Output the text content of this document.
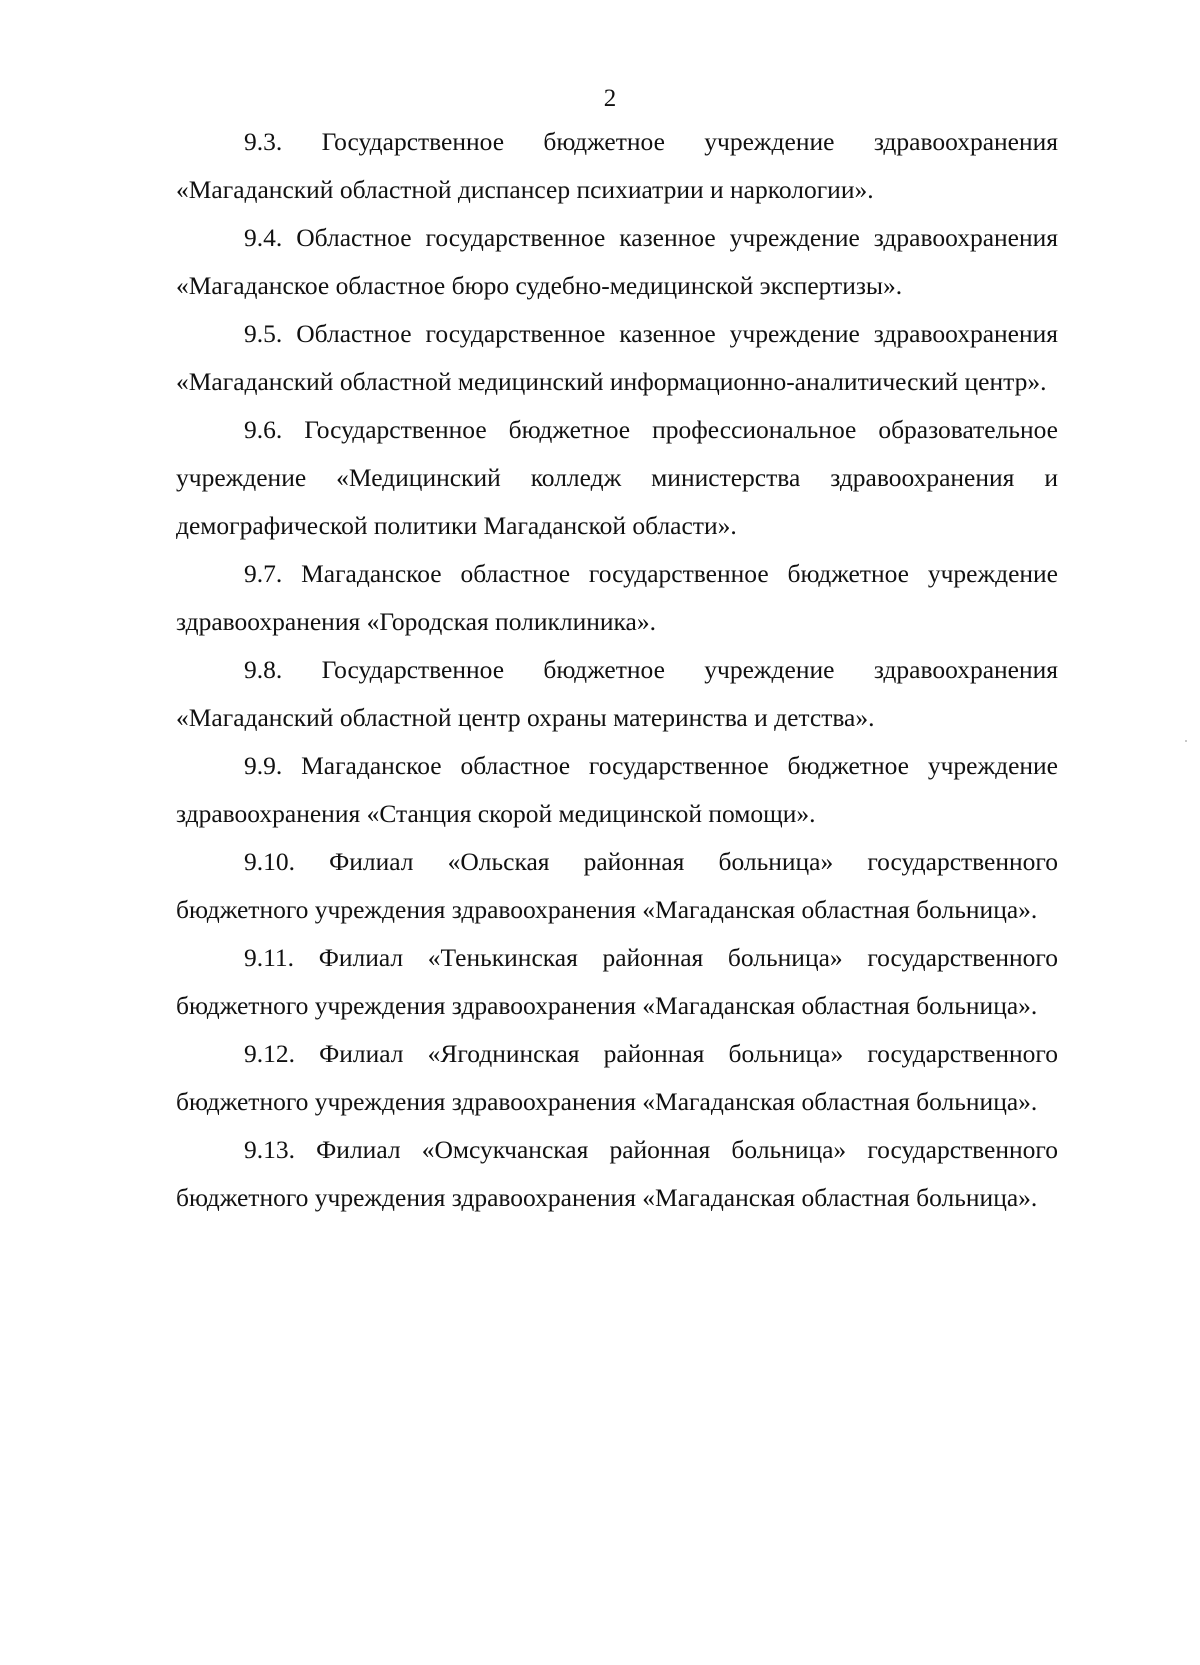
2

9.3. Государственное бюджетное учреждение здравоохранения «Магаданский областной диспансер психиатрии и наркологии».

9.4. Областное государственное казенное учреждение здравоохранения «Магаданское областное бюро судебно-медицинской экспертизы».

9.5. Областное государственное казенное учреждение здравоохранения «Магаданский областной медицинский информационно-аналитический центр».

9.6. Государственное бюджетное профессиональное образовательное учреждение «Медицинский колледж министерства здравоохранения и демографической политики Магаданской области».

9.7. Магаданское областное государственное бюджетное учреждение здравоохранения «Городская поликлиника».

9.8. Государственное бюджетное учреждение здравоохранения «Магаданский областной центр охраны материнства и детства».

9.9. Магаданское областное государственное бюджетное учреждение здравоохранения «Станция скорой медицинской помощи».

9.10. Филиал «Ольская районная больница» государственного бюджетного учреждения здравоохранения «Магаданская областная больница».

9.11. Филиал «Тенькинская районная больница» государственного бюджетного учреждения здравоохранения «Магаданская областная больница».

9.12. Филиал «Ягоднинская районная больница» государственного бюджетного учреждения здравоохранения «Магаданская областная больница».

9.13. Филиал «Омсукчанская районная больница» государственного бюджетного учреждения здравоохранения «Магаданская областная больница».
